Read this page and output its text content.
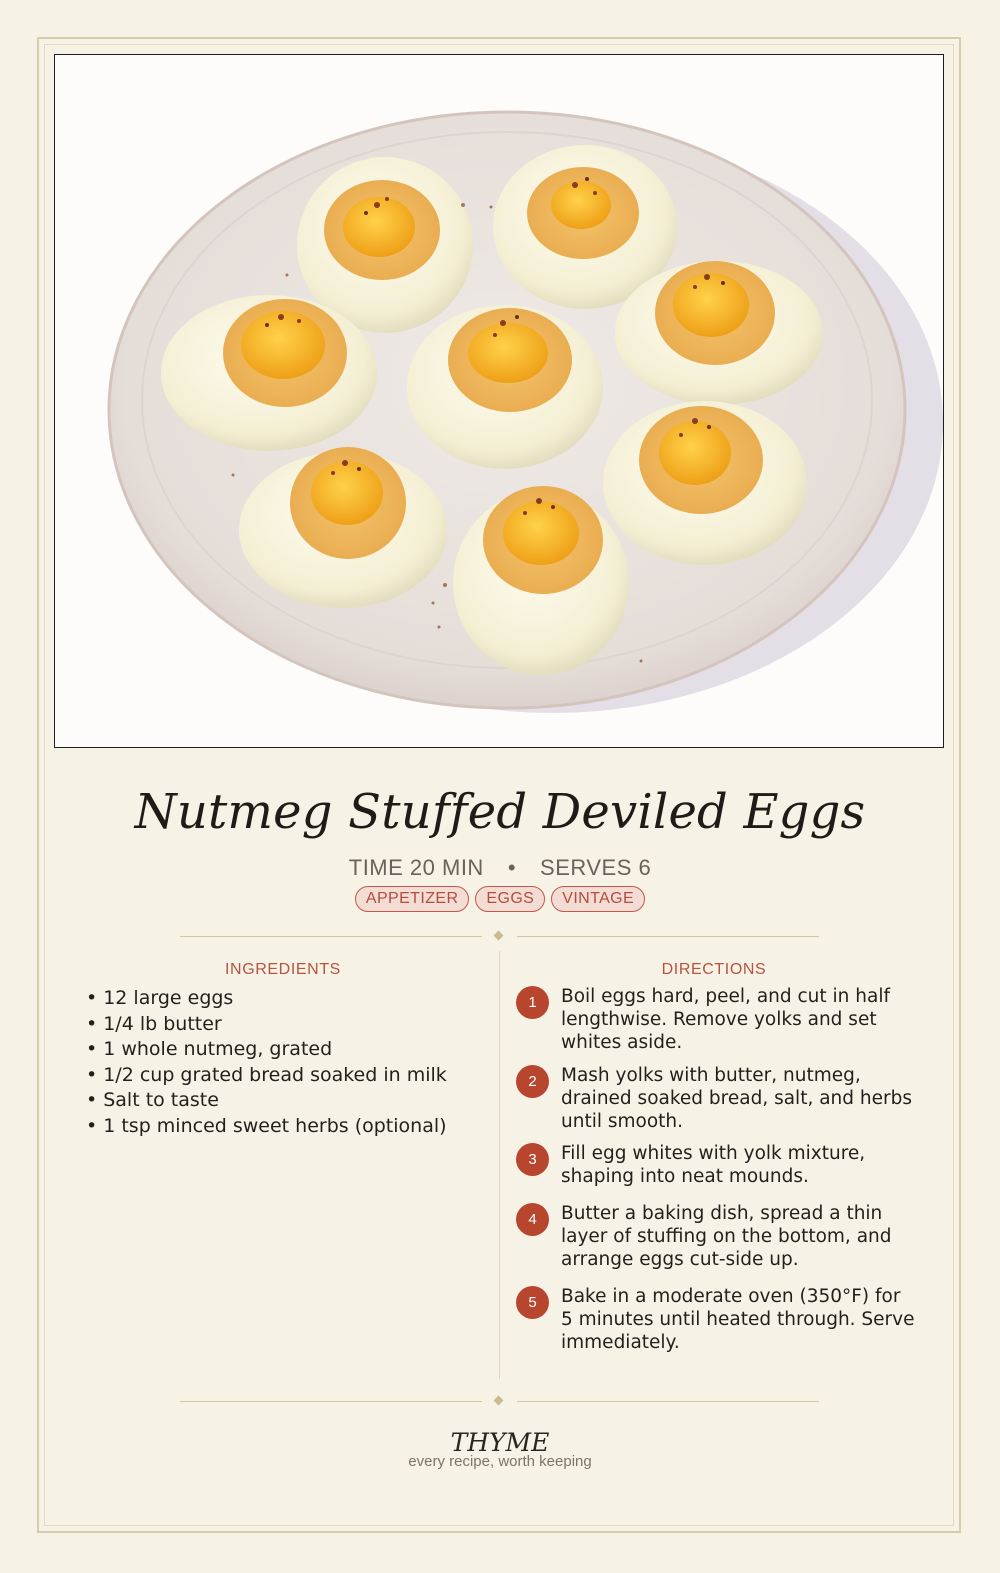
Nutmeg Stuffed Deviled Eggs
TIME 20 MIN • SERVES 6
APPETIZER EGGS VINTAGE
INGREDIENTS
• 12 large eggs
• 1/4 lb butter
• 1 whole nutmeg, grated
• 1/2 cup grated bread soaked in milk
• Salt to taste
• 1 tsp minced sweet herbs (optional)
DIRECTIONS
1	Boil eggs hard, peel, and cut in half lengthwise. Remove yolks and set whites aside.
2	Mash yolks with butter, nutmeg, drained soaked bread, salt, and herbs until smooth.
3	Fill egg whites with yolk mixture, shaping into neat mounds.
4	Butter a baking dish, spread a thin layer of stuffing on the bottom, and arrange eggs cut-side up.
5	Bake in a moderate oven (350°F) for 5 minutes until heated through. Serve immediately.
THYME
every recipe, worth keeping
